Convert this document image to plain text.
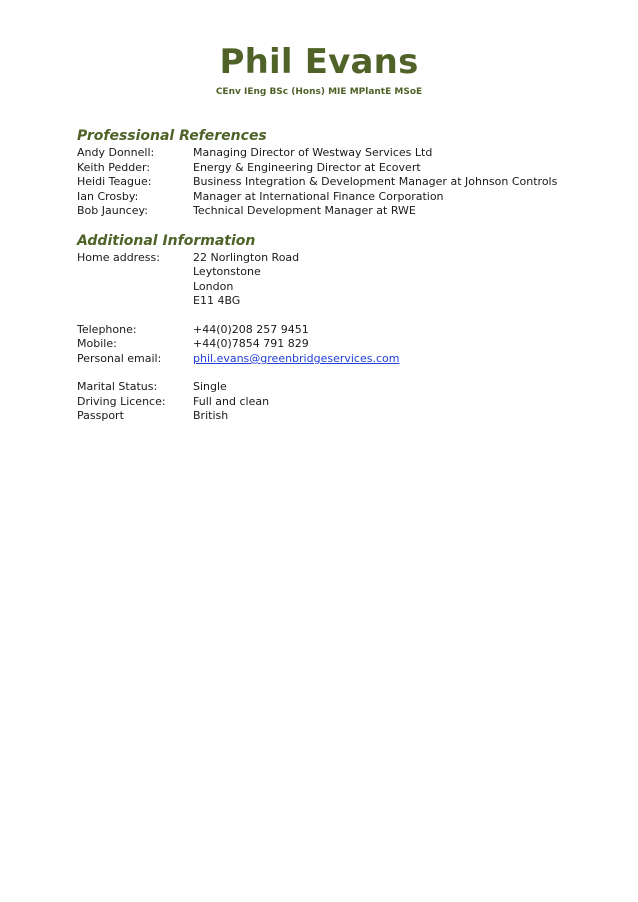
Phil Evans
CEnv IEng BSc (Hons) MIE MPlantE MSoE
Professional References
Andy Donnell:	Managing Director of Westway Services Ltd
Keith Pedder:	Energy & Engineering Director at Ecovert
Heidi Teague:	Business Integration & Development Manager at Johnson Controls
Ian Crosby:	Manager at International Finance Corporation
Bob Jauncey:	Technical Development Manager at RWE
Additional Information
Home address:	22 Norlington Road
Leytonstone
London
E11 4BG
Telephone:	+44(0)208 257 9451
Mobile:	+44(0)7854 791 829
Personal email:	phil.evans@greenbridgeservices.com
Marital Status:	Single
Driving Licence: Full and clean
Passport	British
